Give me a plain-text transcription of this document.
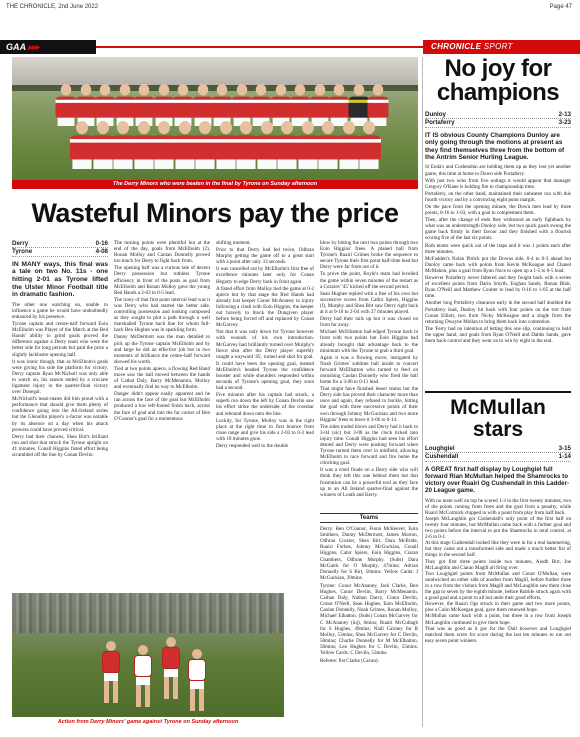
THE CHRONICLE, 2nd June 2022	Page 47
GAA ▸▸▸	CHRONICLE SPORT
The Derry Minors who were beaten in the final by Tyrone on Sunday afternoon
Wasteful Minors pay the price
Derry	0-16
Tyrone	4-08
IN MANY ways, this final was a tale on two No. 11s - one hitting 2-01 as Tyrone lifted the Ulster Minor Football title in dramatic fashion.

The other one watching on, unable to influence a game he would have undoubtedly enhanced by his presence.

Tyrone captain and centre-half forward Eoin McElholm was Player of the Match at the Red Hands' ability to grind goals proved the difference against a Derry team who were the better side for long periods but paid the price a slightly lacklustre opening half.

It was ironic though, that as McElhom's goals were giving his side the platform for victory, Derry captain Ryan McNicholl was only able to watch on, his season ended by a cruciate ligament injury in the quarter-final victory over Donegal.

McNicholl's team-mates did him proud with a performance that should give them plenty of confidence going into the All-Ireland series but the Glenullin player's x-factor was notable by its absence on a day when his attack prowess could have proved critical.

Derry had their chances, Shea Birt's brilliant run and shot that struck the Tyrone upright on 41 minutes. Conall Higgins fisted effort being scrambled off the line by Conan Devlin.

The turning points were plentiful but at the end of the day, goals from McElholm (2), Ronan Molloy and Caolan Donnelly proved too much for Derry to fight back from.

The opening half was a curious tale of decent Derry possession but ruthless Tyrone efficiency in front of the posts as goal from McElholm and Ronan Molloy gave the young Red Hands a 2-03 to 0-5 lead.

The irony of that first point interval lead was it was Derry who had started the better side, controlling possession and looking composed as they sought to plot a path through a well marshalled Tyrone back line for whom full-back Ben Hughes was in sparkling form.

Danny McDermott was the man detailed to pick up the Tyrone captain McElholm and by and large he did an effective job but in two moments of brilliance the centre-half forward showed his worth.

Tied at two points apiece, a flowing Red Hand move saw the ball moved between the hands of Cathal Daly, Barry McMenamin, Molloy and eventually find its way to McElholm.

Danger didn't appear easily apparent and he ran across the face of the goal but McElholm produced a low left-footed finish back, across the face of goal and into the far corner of Ben O'Connor's goal for a momentous

shifting moment.

Prior to that Derry had led twice, Odhran Murphy getting the game off to a great start with a point after only 33 seconds.

It was cancelled out by McElholm's first free of excellence minutes later only for Conan Hegarty to edge Derry back in front again.

A fisted effort from Molloy tied the game at 0-2 apiece but by that stage the Red Hands had already lost keeper Conor McAnaney to injury following a clash with Eoin Higgins, the keeper out bravely to block the Dungiven player before being forced off and replaced by Conan McGarvey.

Not that it was only down for Tyrone however with wounds of his own introduction. McGarvey had brilliantly turned over Murphy's fierce shot after the Derry player superbly caught a wayward '45', turned and shot for goal.

It could have been the opening goal, instead McElholm's headed Tyrone the confidence booster and while shoulders responded within seconds of Tyrone's opening goal, they soon had a second.

Five minutes after his captain had struck, a superb run down the left by Conan Devlin saw his effort strike the underside of the crossbar and rebound down onto the line.

Luckily, for Tyrone, Molloy was in the right place at the right time to first bounce from close range and give his side a 2-03 to 0-3 lead with 18 minutes gone.

Derry responded well to the double

blow by hitting the next two points through two Eoin Higgins' frees. A planed ball from Tyrone's Ruairi Grimes broke the sequence to secure Tyrone their first point half-time lead but Derry were far from out of it.

To prove the point, Boyle's team had levelled the game within seven minutes of the restart as a Cozzies' '45' kicked off the second period.

Sean Hughes replied with a free of his own but successive scores from Cathir Spiers, Higgins (f), Murphy and Shea Birt saw Derry right back at it at 0-10 to 2-04 with 37 minutes played.

Derry had their tails up but it was closed on from far away.

Michael McElhatton had edged Tyrone back in front with two points but Eoin Higgins had already brought that advantage back to the minimum with the Tyrone to grab a third goal.

Again it was a flowing move, instigated by Noah Grimes' sublime ball inside to concert forward McElhatton who turned to feed on onrushing Caolan Donnelly who fired the ball home for a 3-06 to 0-11 lead.

That might have finished lesser teams but the Derry side has proved their character more than once and again, they refused to buckle, hitting the goal with three successive points of their own through Johnny McGuckian and two more Higgins' frees to leave it 3-06 to 0-14.

The sides traded blows and Derry had it back to 3-04 (sic) but 3-08 as the clock ticked into injury time. Conall Higgins had seen his effort denied and Derry were pushing forward when Tyrone turned them over in midfield, allowing McElholm to race forward and fire home the clinching goal.

It was a cruel finale on a Derry side who will think they left this one behind them but that frustration can be a powerful tool as they face up to an All Ireland quarter-final against the winners of Louth and Kerry.

Teams

Derry: Ben O'Connor, Fionn McKeever, Eoin Smithers, Danny McDermott, James Morton, Odhran Crozier, Shea Birt, Dara McBride, Ruairi Forbes, Johnny McGuckian, Conall Higgins, Cahir Spiers, Eoin Higgins, Ciaran Chambers, Odhran Murphy. (Subs) Dara McGuirk for O Murphy, 47mins; Adrian Donnelly for S Birt, 56mins. Yellow Cards: J McGuckian, 39mins.

Tyrone: Conor McAnaney, Jack Clarke, Ben Hughes, Conor Devlin, Barry McMenamin, Caihan Daly, Nathan Darcy, Conor Devlin, Conor O'Neill, Sean Hughes, Eoin McElholm, Caolan Donnelly, Noah Grimes, Ronan Molloy, Michael Elhatton. (Subs) Conan McGarvey for C McAnaney (inj), 6mins; Ruairi McCullagh for S Hughes, 49mins; Niall Cairney for R Molloy, 53mins; Shea McGarvey for C Devlin, 58mins; Charlie Donnelly for M McElhatton, 58mins; Leo Hughes for C Devlin, 55mins. Yellow Cards: C Devlin, 53mins.

Referee: Pat Clarke (Cavan).

Action from Derry Minors' game against Tyrone on Sunday afternoon
No joy for champions
Dunloy	2-13
Portaferry	3-23
IT IS obvious County Champions Dunloy are only going through the motions at present as they find themselves three from the bottom of the Antrim Senior Hurling League.

St Enda's and Cushendun are holding them up as they lost yet another game, this time at home to Down side Portaferry.

With just two wins from five outings it would appear that manager Gregory O'Kane is holding fire to championship time.

Portaferry, on the other hand, maintained their unbeaten run with this fourth victory and by a convincing eight point margin.

On the pace from the opening minute, the Down men lead by three points, 0-16 to 1-03, with a goal to complement them.

Then, after the change of ends they withstood an early fightback by what was an understrength Dunloy side, but two quick goals swung the game back firmly in their favour and they finished with a flourish scoring five of the last six points.

Both teams were quick out of the traps and it was 1 points each after three minutes.

McFadden's Nolan Pittick put the Downs side, 0-4 to 0-3 ahead but Dunloy came back with points from Kevin McKeague and Chanel McMahon, plus a goal from Ryan Noce to open up a 1-5 to 0-5 lead.

However Portaferry never faltered and they fought back with a series of excellent points from Darin Smyth, Eoghan Sands, Ronan Blair, Ryan O'Neill and Matthew Coulter to lead by 0-16 to 1-05 at the half time.

Another long Portaferry clearance early in the second half doubled the Portaferry lead, Dunloy hit back with four points on the trot from Conan Elliott, two from Nicky McKeague and a single from the returning Dwayne Mullan to bring them back into contention.

The 'Ferry had no intention of letting this one slip, continuing to hold the upper hand, and goals from Ryan O'Neill and Dabbs Sands, gave them back control and they went on to win by eight in the end.

McMullan stars
Loughgiel	3-15
Cushendall	1-14
A GREAT first half display by Loughgiel full forward Rian McMullan helped the Shamrocks to victory over Ruairi Og Cushendall in this Ladder-20 League game.

With no team well on top he scored 1-3 in the first twenty minutes, two of the points coming from frees and the goal from a penalty, while Ruairi McCormick chipped in with a point from play from half back.

Joseph McLaughlin got Cushendall's only point of the first half on twenty four minutes, but McMullan came back with a further goal and two points before the interval to put the Shamrocks in total control, at 2-6 to 0-1.

At this stage Cushendall looked like they were in for a real hammering, but they came out a transformed side and made a much better fist of things in the second half.

They got first three points inside two minutes, Aiodh Birt, Joe McLaughlin and Ciaran Magill all firing over.

Two Loughgiel points from McMullan and Conor O'Mullan, were sandwiched on either side of another from Magill, before further three in a row from the visitors from Magill and McLaughlin saw them close the gap to seven by the eighth minute, before Rubble struck again with a good goal and a point to all but undo their good efforts.

However, the Ruairi Ogs struck in their game and two more points, plus a Colin McKeegan goal, gave them renewed hope.

McMullan came back with a point, but three in a row from Joseph McLaughlin continued to give them hope.

That was as good as it got for the 'Dall however and Loughgiel matched them score for score during the last ten minutes to run out easy seven point winners.
